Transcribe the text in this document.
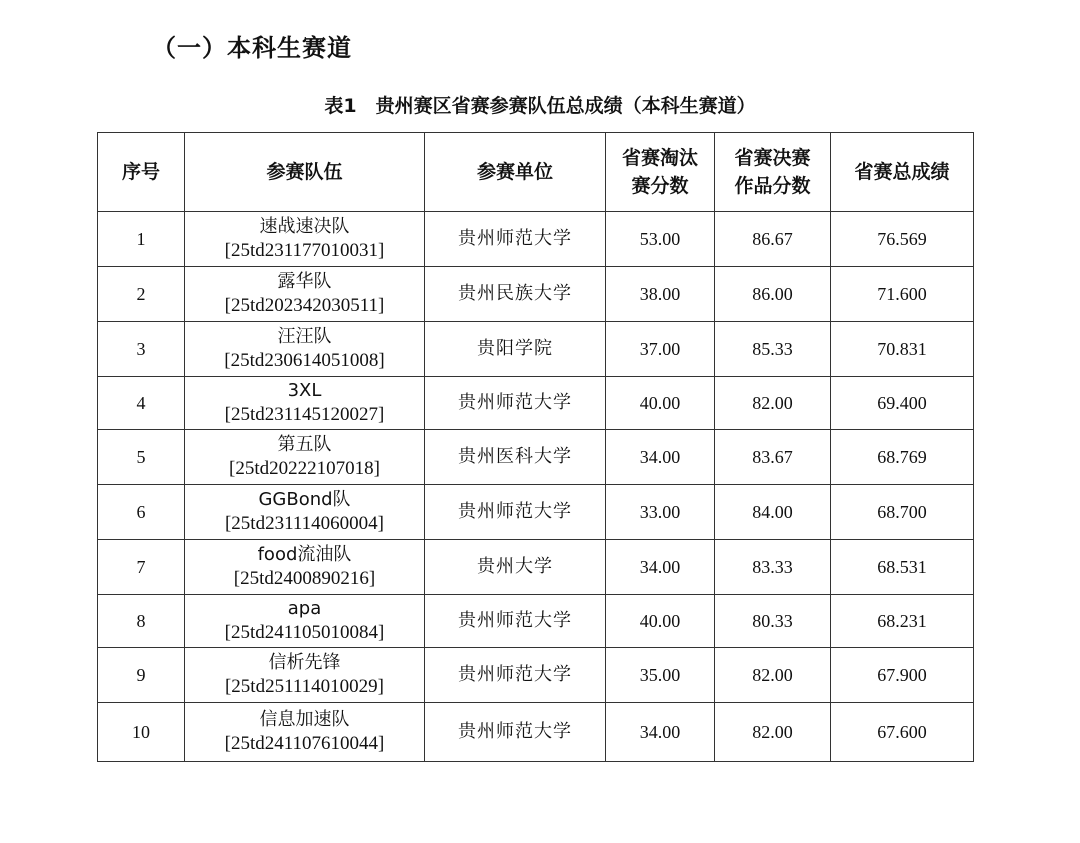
（一）本科生赛道
表1　贵州赛区省赛参赛队伍总成绩（本科生赛道）
序号	参赛队伍	参赛单位	省赛淘汰
赛分数	省赛决赛
作品分数	省赛总成绩
1	速战速决队
[25td231177010031]	贵州师范大学	53.00	86.67	76.569
2	露华队
[25td202342030511]	贵州民族大学	38.00	86.00	71.600
3	汪汪队
[25td230614051008]	贵阳学院	37.00	85.33	70.831
4	3XL
[25td231145120027]	贵州师范大学	40.00	82.00	69.400
5	第五队
[25td20222107018]	贵州医科大学	34.00	83.67	68.769
6	GGBond队
[25td231114060004]	贵州师范大学	33.00	84.00	68.700
7	food流油队
[25td2400890216]	贵州大学	34.00	83.33	68.531
8	apa
[25td241105010084]	贵州师范大学	40.00	80.33	68.231
9	信析先锋
[25td251114010029]	贵州师范大学	35.00	82.00	67.900
10	信息加速队
[25td241107610044]	贵州师范大学	34.00	82.00	67.600
